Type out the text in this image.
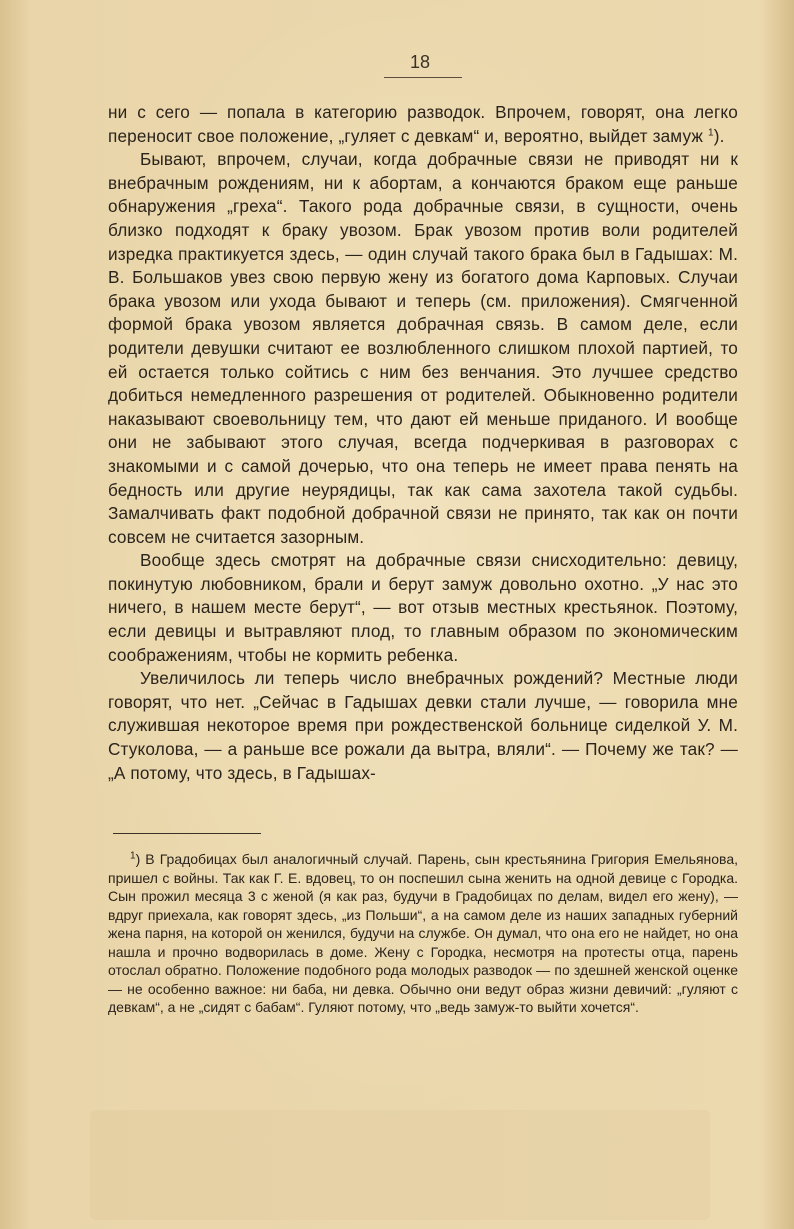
18

ни с сего — попала в категорию разводок. Впрочем, говорят, она легко переносит свое положение, „гуляет с девкам“ и, вероятно, выйдет замуж $^1$).

Бывают, впрочем, случаи, когда добрачные связи не приводят ни к внебрачным рождениям, ни к абортам, а кончаются браком еще раньше обнаружения „греха“. Такого рода добрачные связи, в сущности, очень близко подходят к браку увозом. Брак увозом против воли родителей изредка практикуется здесь, — один случай такого брака был в Гадышах: М. В. Большаков увез свою первую жену из богатого дома Карповых. Случаи брака увозом или ухода бывают и теперь (см. приложения). Смягченной формой брака увозом является добрачная связь. В самом деле, если родители девушки считают ее возлюбленного слишком плохой партией, то ей остается только сойтись с ним без венчания. Это лучшее средство добиться немедленного разрешения от родителей. Обыкновенно родители наказывают своевольницу тем, что дают ей меньше приданого. И вообще они не забывают этого случая, всегда подчеркивая в разговорах с знакомыми и с самой дочерью, что она теперь не имеет права пенять на бедность или другие неурядицы, так как сама захотела такой судьбы. Замалчивать факт подобной добрачной связи не принято, так как он почти совсем не считается зазорным.

Вообще здесь смотрят на добрачные связи снисходительно: девицу, покинутую любовником, брали и берут замуж довольно охотно. „У нас это ничего, в нашем месте берут“, — вот отзыв местных крестьянок. Поэтому, если девицы и вытравляют плод, то главным образом по экономическим соображениям, чтобы не кормить ребенка.

Увеличилось ли теперь число внебрачных рождений? Местные люди говорят, что нет. „Сейчас в Гадышах девки стали лучше, — говорила мне служившая некоторое время при рождественской больнице сиделкой У. М. Стуколова, — а раньше все рожали да вытра, вляли“. — Почему же так? — „А потому, что здесь, в Гадышах-

$^1$) В Градобицах был аналогичный случай. Парень, сын крестьянина Григория Емельянова, пришел с войны. Так как Г. Е. вдовец, то он поспешил сына женить на одной девице с Городка. Сын прожил месяца 3 с женой (я как раз, будучи в Градобицах по делам, видел его жену), — вдруг приехала, как говорят здесь, „из Польши“, а на самом деле из наших западных губерний жена парня, на которой он женился, будучи на службе. Он думал, что она его не найдет, но она нашла и прочно водворилась в доме. Жену с Городка, несмотря на протесты отца, парень отослал обратно. Положение подобного рода молодых разводок — по здешней женской оценке — не особенно важное: ни баба, ни девка. Обычно они ведут образ жизни девичий: „гуляют с девкам“, а не „сидят с бабам“. Гуляют потому, что „ведь замуж-то выйти хочется“.
